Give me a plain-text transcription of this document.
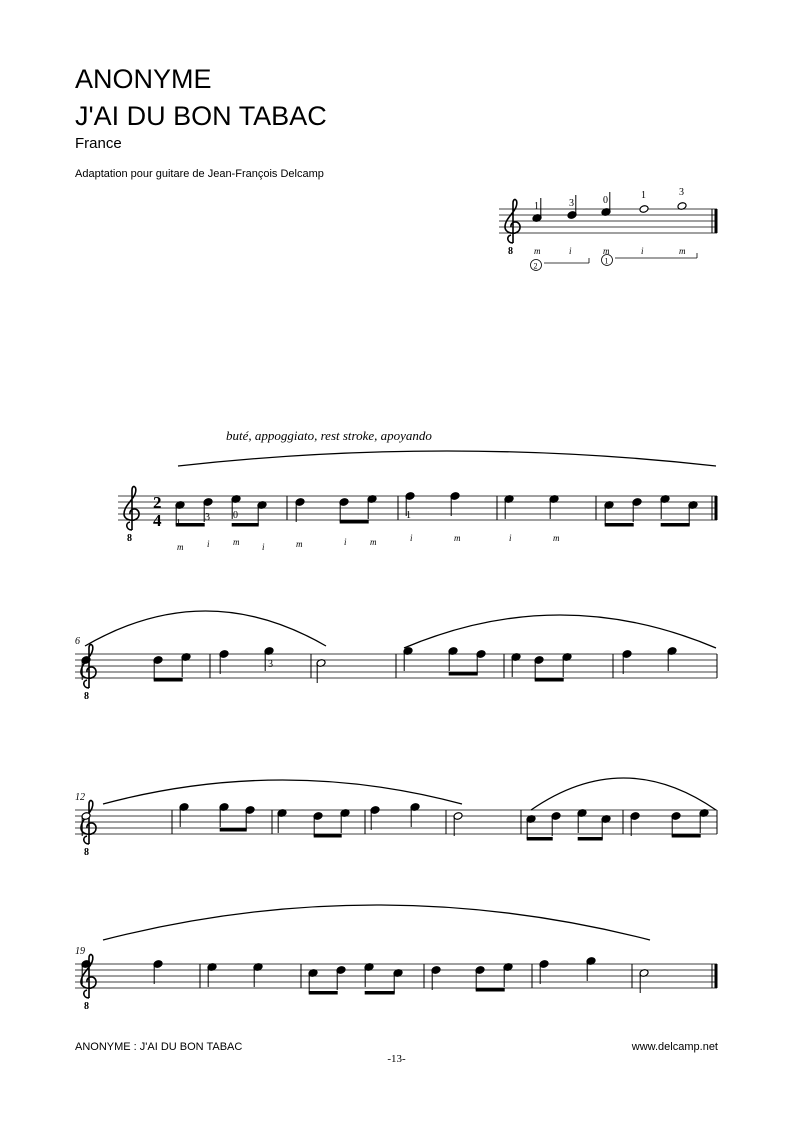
ANONYME
J'AI DU BON TABAC
France
Adaptation pour guitare de Jean-François Delcamp
8
1
m
3
i
0
m
1
i
3
m
2
1
buté, appoggiato, rest stroke, apoyando
8
2
4 1
3 0	1
m	i	m	i	m	i	m	i	m	i	m
6
8
3
12
8
19
8
ANONYME : J'AI DU BON TABAC	www.delcamp.net
-13-
